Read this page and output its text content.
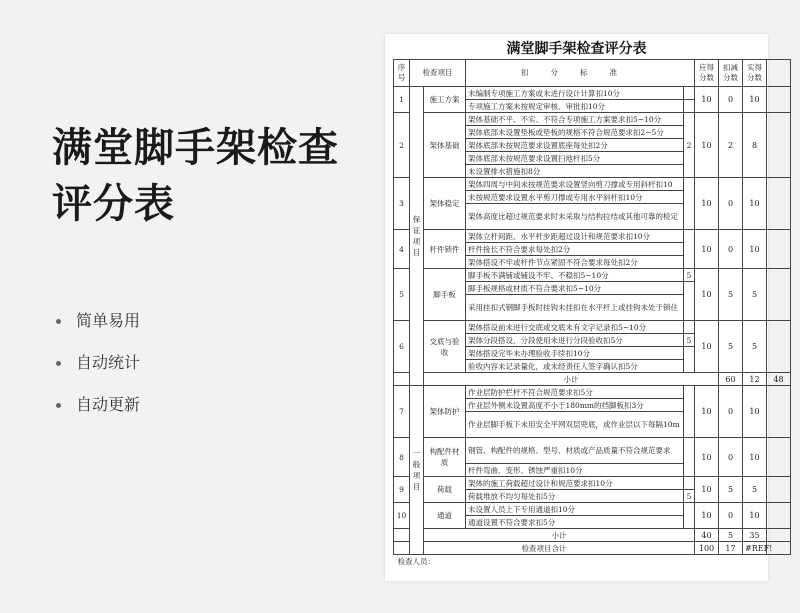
满堂脚手架检查
评分表
简单易用
自动统计
自动更新
满堂脚手架检查评分表
序号	检查项目		扣分标准		应得分数	扣减分数	实得分数		
1	保证项目	施工方案	未编制专项施工方案或未进行设计计算扣10分		10	0	10		
			专项施工方案未按规定审核、审批扣10分						
2		架体基础	架体基础不平、不实、不符合专项施工方案要求扣5~10分	2	10	2	8		
			架体底部未设置垫板或垫板的规格不符合规范要求扣2~5分						
			架体底部未按规范要求设置底座每处扣2分						
			架体底部未按规范要求设置扫地杆扣5分						
			未设置排水措施扣8分						
3		架体稳定	架体四周与中间未按规范要求设置竖向剪刀撑或专用斜杆扣10		10	0	10		
			未按规范要求设置水平剪刀撑或专用水平斜杆扣10分						
			架体高度比超过规范要求时未采取与结构拉结或其他可靠的检定						
4		杆件锁件	架体立杆间距、水平杆步距超过设计和规范要求扣10分		10	0	10		
			杆件接长不符合要求每处扣2分						
			架体搭设不牢或杆件节点紧固不符合要求每处扣2分						
5		脚手板	脚手板不满铺或铺设不牢、不稳扣5~10分	5	10	5	5		
			脚手板规格或材质不符合要求扣5~10分						
			采用挂扣式钢脚手板时挂钩未挂扣在水平杆上或挂钩未处于锁住						
6		交底与验收	架体搭设前未进行交底或交底未有文字记录扣5~10分		10	5	5		
			架体分段搭设、分段使用未进行分段验收扣5分	5					
			架体搭设完毕未办理验收手续扣10分						
			验收内容未记录量化，或未经责任人签字确认扣5分						
		小计				60	12	48	
7	一般项目	架体防护	作业层防护栏杆不符合规范要求扣5分		10	0	10		
			作业层外侧未设置高度不小于180mm的挡脚板扣3分						
			作业层脚手板下未用安全平网双层兜底，或作业层以下每隔10m						
8		构配件材质	钢管、构配件的规格、型号、材质或产品质量不符合规范要求		10	0	10		
			杆件弯曲、变形、锈蚀严重扣10分						
9		荷载	架体的施工荷载超过设计和规范要求扣10分		10	5	5		
			荷载堆放不均匀每处扣5分	5					
10		通道	未设置人员上下专用通道扣10分		10	0	10		
			通道设置不符合要求扣5分						
		小计			40	5	35		
检查项目合计					100	17	#REF!		
检查人员：									
